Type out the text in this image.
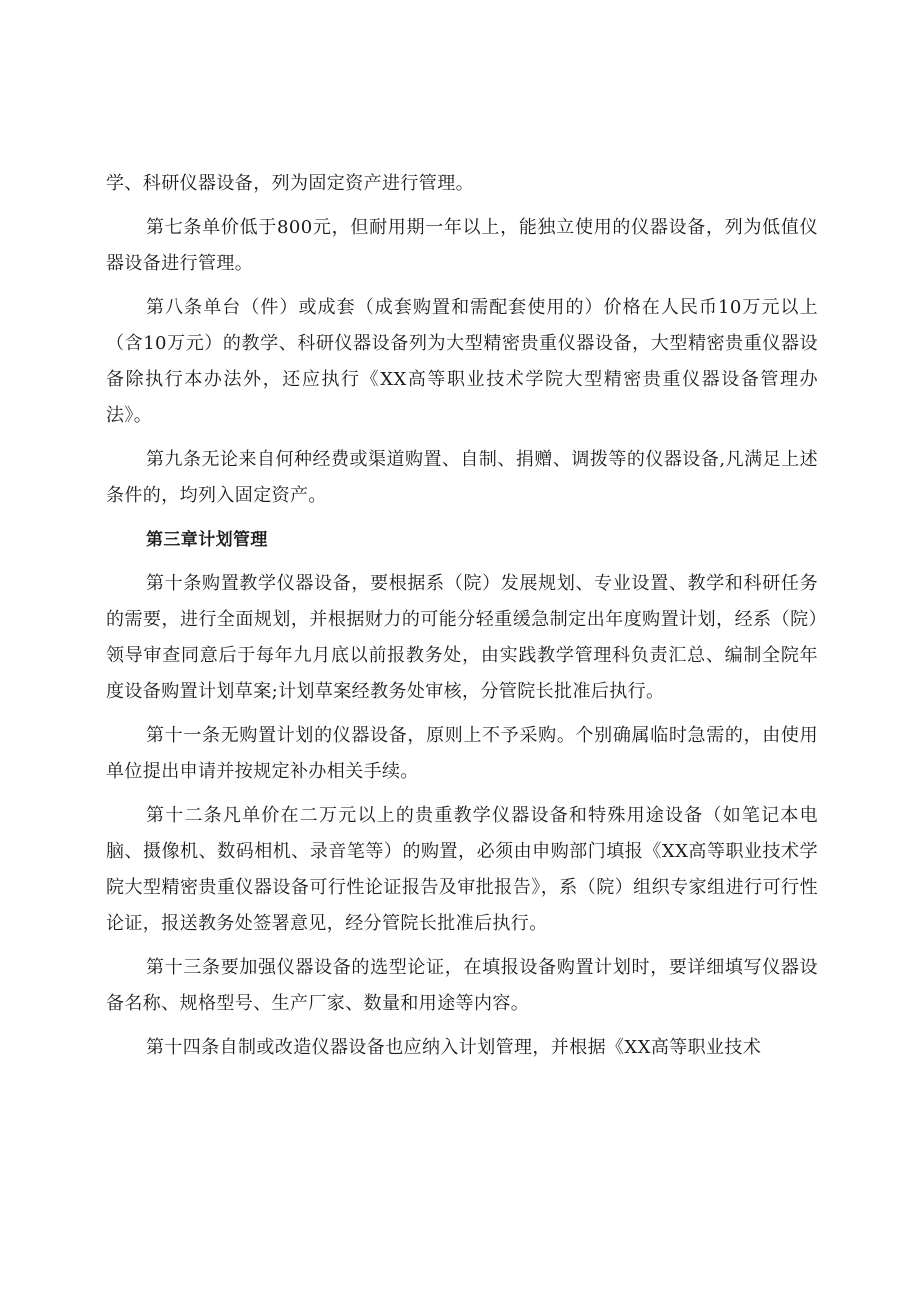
学、科研仪器设备，列为固定资产进行管理。

第七条单价低于800元，但耐用期一年以上，能独立使用的仪器设备，列为低值仪器设备进行管理。

第八条单台（件）或成套（成套购置和需配套使用的）价格在人民币10万元以上（含10万元）的教学、科研仪器设备列为大型精密贵重仪器设备，大型精密贵重仪器设备除执行本办法外，还应执行《XX高等职业技术学院大型精密贵重仪器设备管理办法》。

第九条无论来自何种经费或渠道购置、自制、捐赠、调拨等的仪器设备,凡满足上述条件的，均列入固定资产。

第三章计划管理

第十条购置教学仪器设备，要根据系（院）发展规划、专业设置、教学和科研任务的需要，进行全面规划，并根据财力的可能分轻重缓急制定出年度购置计划，经系（院）领导审查同意后于每年九月底以前报教务处，由实践教学管理科负责汇总、编制全院年度设备购置计划草案;计划草案经教务处审核，分管院长批准后执行。

第十一条无购置计划的仪器设备，原则上不予采购。个别确属临时急需的，由使用单位提出申请并按规定补办相关手续。

第十二条凡单价在二万元以上的贵重教学仪器设备和特殊用途设备（如笔记本电脑、摄像机、数码相机、录音笔等）的购置，必须由申购部门填报《XX高等职业技术学院大型精密贵重仪器设备可行性论证报告及审批报告》，系（院）组织专家组进行可行性论证，报送教务处签署意见，经分管院长批准后执行。

第十三条要加强仪器设备的选型论证，在填报设备购置计划时，要详细填写仪器设备名称、规格型号、生产厂家、数量和用途等内容。

第十四条自制或改造仪器设备也应纳入计划管理，并根据《XX高等职业技术
